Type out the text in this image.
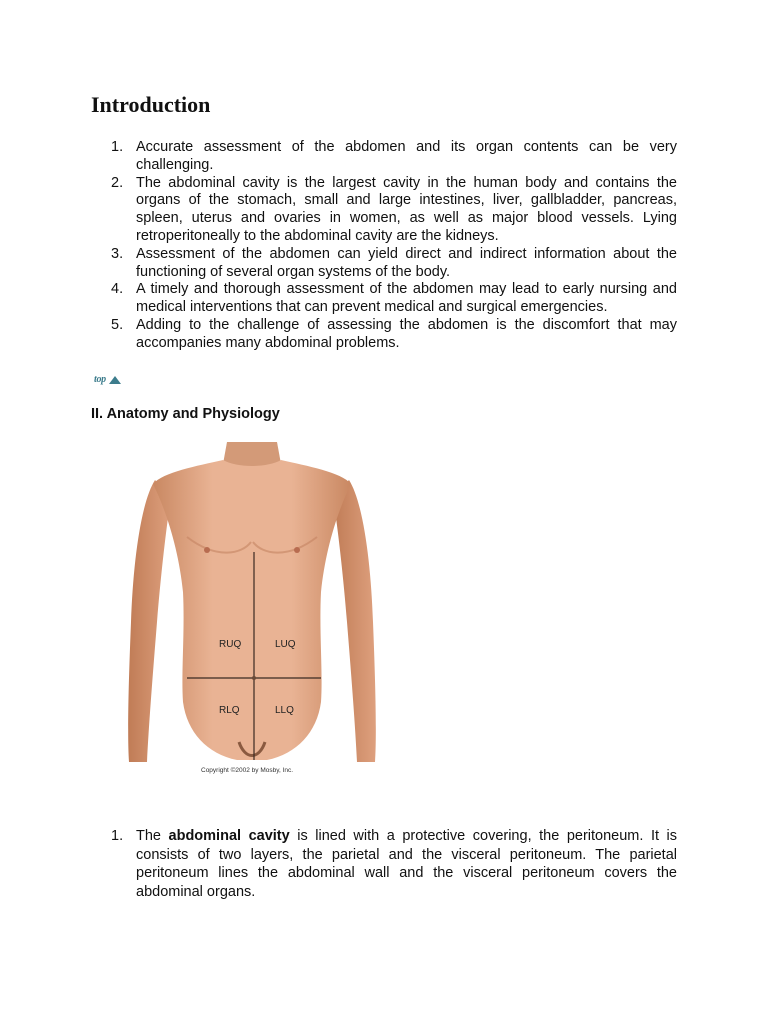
Introduction
1. Accurate assessment of the abdomen and its organ contents can be very challenging.
2. The abdominal cavity is the largest cavity in the human body and contains the organs of the stomach, small and large intestines, liver, gallbladder, pancreas, spleen, uterus and ovaries in women, as well as major blood vessels. Lying retroperitoneally to the abdominal cavity are the kidneys.
3. Assessment of the abdomen can yield direct and indirect information about the functioning of several organ systems of the body.
4. A timely and thorough assessment of the abdomen may lead to early nursing and medical interventions that can prevent medical and surgical emergencies.
5. Adding to the challenge of assessing the abdomen is the discomfort that may accompanies many abdominal problems.
top
II. Anatomy and Physiology
RUQ	LUQ
RLQ	LLQ
Copyright ©2002 by Mosby, Inc.
1. The abdominal cavity is lined with a protective covering, the peritoneum. It is consists of two layers, the parietal and the visceral peritoneum. The parietal peritoneum lines the abdominal wall and the visceral peritoneum covers the abdominal organs.
